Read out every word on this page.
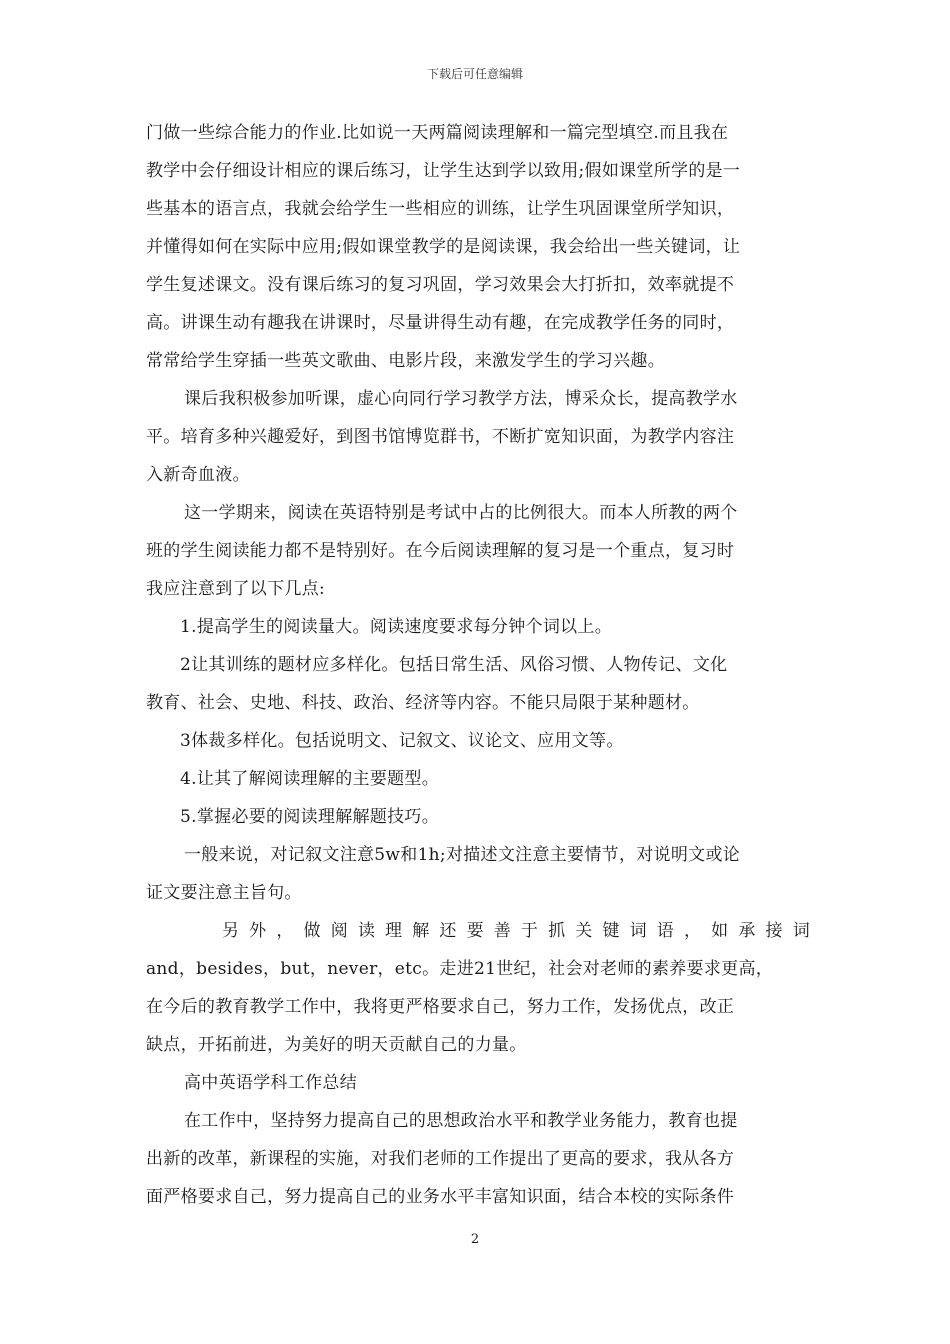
下载后可任意编辑

门做一些综合能力的作业.比如说一天两篇阅读理解和一篇完型填空.而且我在
教学中会仔细设计相应的课后练习，让学生达到学以致用;假如课堂所学的是一
些基本的语言点，我就会给学生一些相应的训练，让学生巩固课堂所学知识，
并懂得如何在实际中应用;假如课堂教学的是阅读课，我会给出一些关键词，让
学生复述课文。没有课后练习的复习巩固，学习效果会大打折扣，效率就提不
高。讲课生动有趣我在讲课时，尽量讲得生动有趣，在完成教学任务的同时，
常常给学生穿插一些英文歌曲、电影片段，来激发学生的学习兴趣。

课后我积极参加听课，虚心向同行学习教学方法，博采众长，提高教学水
平。培育多种兴趣爱好，到图书馆博览群书，不断扩宽知识面，为教学内容注
入新奇血液。

这一学期来，阅读在英语特别是考试中占的比例很大。而本人所教的两个
班的学生阅读能力都不是特别好。在今后阅读理解的复习是一个重点，复习时
我应注意到了以下几点:

1.提高学生的阅读量大。阅读速度要求每分钟个词以上。

2让其训练的题材应多样化。包括日常生活、风俗习惯、人物传记、文化
教育、社会、史地、科技、政治、经济等内容。不能只局限于某种题材。

3体裁多样化。包括说明文、记叙文、议论文、应用文等。

4.让其了解阅读理解的主要题型。

5.掌握必要的阅读理解解题技巧。

一般来说，对记叙文注意5w和1h;对描述文注意主要情节，对说明文或论
证文要注意主旨句。

另外，做阅读理解还要善于抓关键词语，如承接词
and，besides，but，never，etc。走进21世纪，社会对老师的素养要求更高，
在今后的教育教学工作中，我将更严格要求自己，努力工作，发扬优点，改正
缺点，开拓前进，为美好的明天贡献自己的力量。

高中英语学科工作总结

在工作中，坚持努力提高自己的思想政治水平和教学业务能力，教育也提
出新的改革，新课程的实施，对我们老师的工作提出了更高的要求，我从各方
面严格要求自己，努力提高自己的业务水平丰富知识面，结合本校的实际条件

2
